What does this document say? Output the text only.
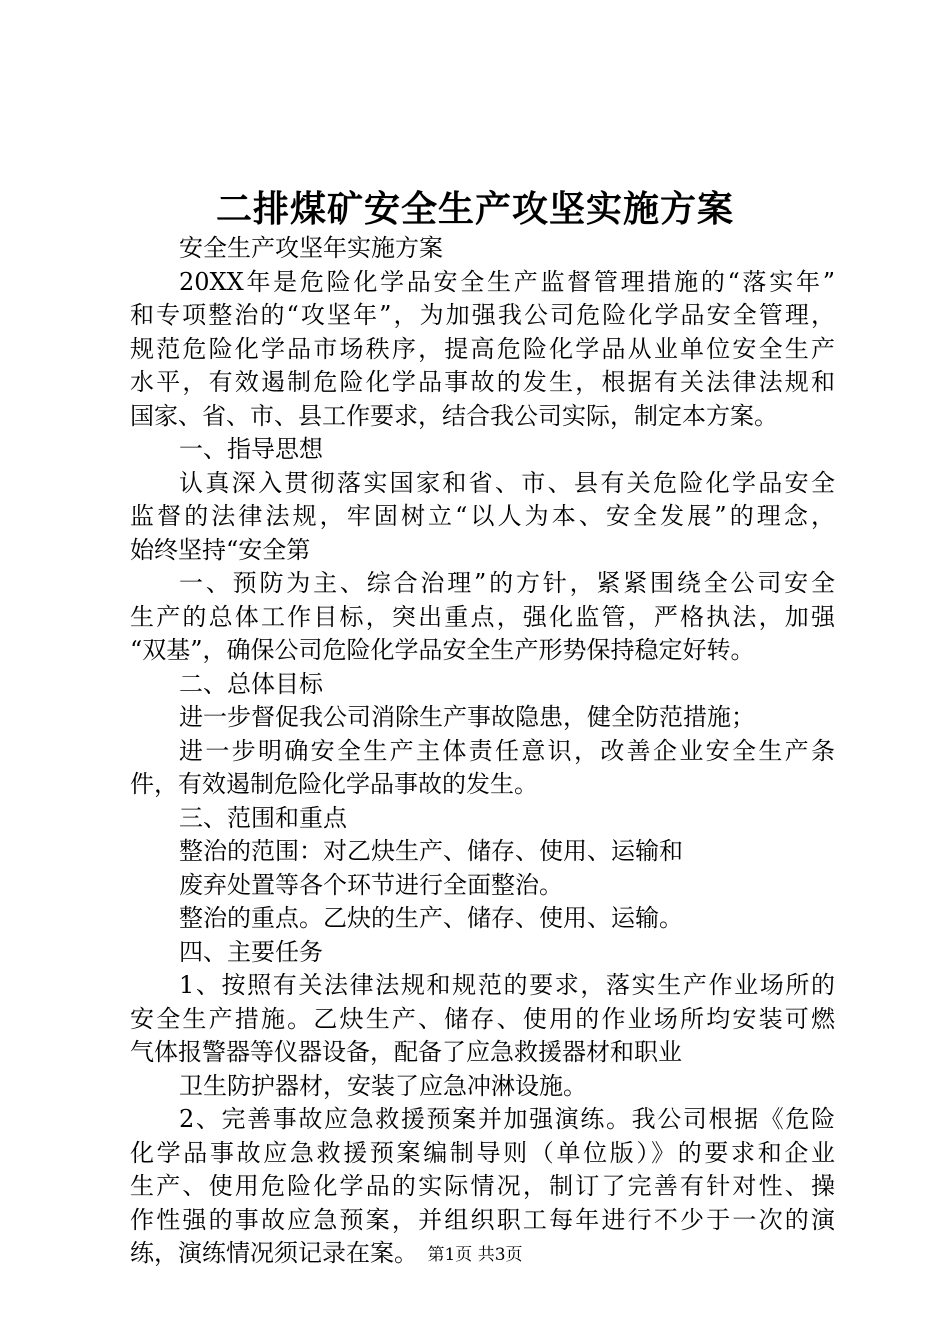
二排煤矿安全生产攻坚实施方案
安全生产攻坚年实施方案
20XX年是危险化学品安全生产监督管理措施的“落实年”
和专项整治的“攻坚年”，为加强我公司危险化学品安全管理，
规范危险化学品市场秩序，提高危险化学品从业单位安全生产
水平，有效遏制危险化学品事故的发生，根据有关法律法规和
国家、省、市、县工作要求，结合我公司实际，制定本方案。
一、指导思想
认真深入贯彻落实国家和省、市、县有关危险化学品安全
监督的法律法规，牢固树立“以人为本、安全发展”的理念，
始终坚持“安全第
一、预防为主、综合治理”的方针，紧紧围绕全公司安全
生产的总体工作目标，突出重点，强化监管，严格执法，加强
“双基”，确保公司危险化学品安全生产形势保持稳定好转。
二、总体目标
进一步督促我公司消除生产事故隐患，健全防范措施；
进一步明确安全生产主体责任意识，改善企业安全生产条
件，有效遏制危险化学品事故的发生。
三、范围和重点
整治的范围：对乙炔生产、储存、使用、运输和
废弃处置等各个环节进行全面整治。
整治的重点。乙炔的生产、储存、使用、运输。
四、主要任务
1、按照有关法律法规和规范的要求，落实生产作业场所的
安全生产措施。乙炔生产、储存、使用的作业场所均安装可燃
气体报警器等仪器设备，配备了应急救援器材和职业
卫生防护器材，安装了应急冲淋设施。
2、完善事故应急救援预案并加强演练。我公司根据《危险
化学品事故应急救援预案编制导则（单位版）》的要求和企业
生产、使用危险化学品的实际情况，制订了完善有针对性、操
作性强的事故应急预案，并组织职工每年进行不少于一次的演
练，演练情况须记录在案。 第1页 共3页
